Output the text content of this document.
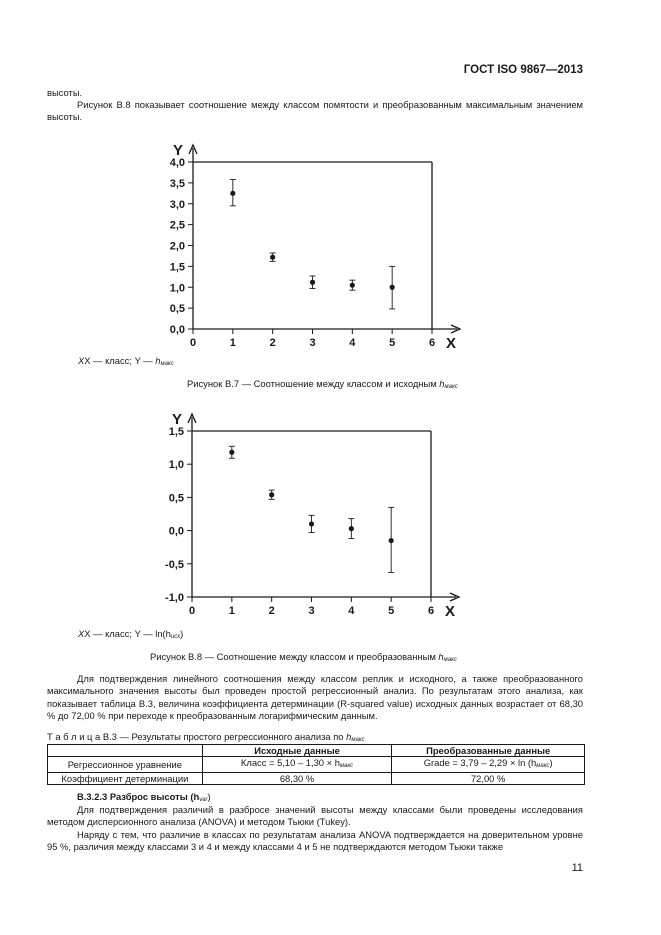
ГОСТ ISO 9867—2013
высоты.
Рисунок В.8 показывает соотношение между классом помятости и преобразованным максимальным значением высоты.
Y
X
0,0
0,5
1,0
1,5
2,0
2,5
3,0
3,5
4,0
0	1	2	3	4	5	6
XX — класс; Y — $h_{макс}$
Рисунок В.7 — Соотношение между классом и исходным $h_{макс}$
Y
X
-1,0
-0,5
0,0
0,5
1,0
1,5
0	1	2	3	4	5	6
XX — класс; Y — $\ln(h_{исх})$
Рисунок В.8 — Соотношение между классом и преобразованным $h_{макс}$
Для подтверждения линейного соотношения между классом реплик и исходного, а также преобразованного максимального значения высоты был проведен простой регрессионный анализ. По результатам этого анализа, как показывает таблица В.3, величина коэффициента детерминации (R-squared value) исходных данных возрастает от 68,30 % до 72,00 % при переходе к преобразованным логарифмическим данным.
Т а б л и ц а В.3 — Результаты простого регрессионного анализа по $h_{макс}$
	Исходные данные	Преобразованные данные
Регрессионное уравнение	Класс = $5,10 - 1,30 \times h_{макс}$	Grade = $3,79 - 2,29 \times \ln (h_{макс})$
Коэффициент детерминации	68,30 %	72,00 %
В.3.2.3 Разброс высоты $(h_{var})$
Для подтверждения различий в разбросе значений высоты между классами были проведены исследования методом дисперсионного анализа (ANOVA) и методом Тьюки (Tukey).
Наряду с тем, что различие в классах по результатам анализа ANOVA подтверждается на доверительном уровне 95 %, различия между классами 3 и 4 и между классами 4 и 5 не подтверждаются методом Тьюки также
11
